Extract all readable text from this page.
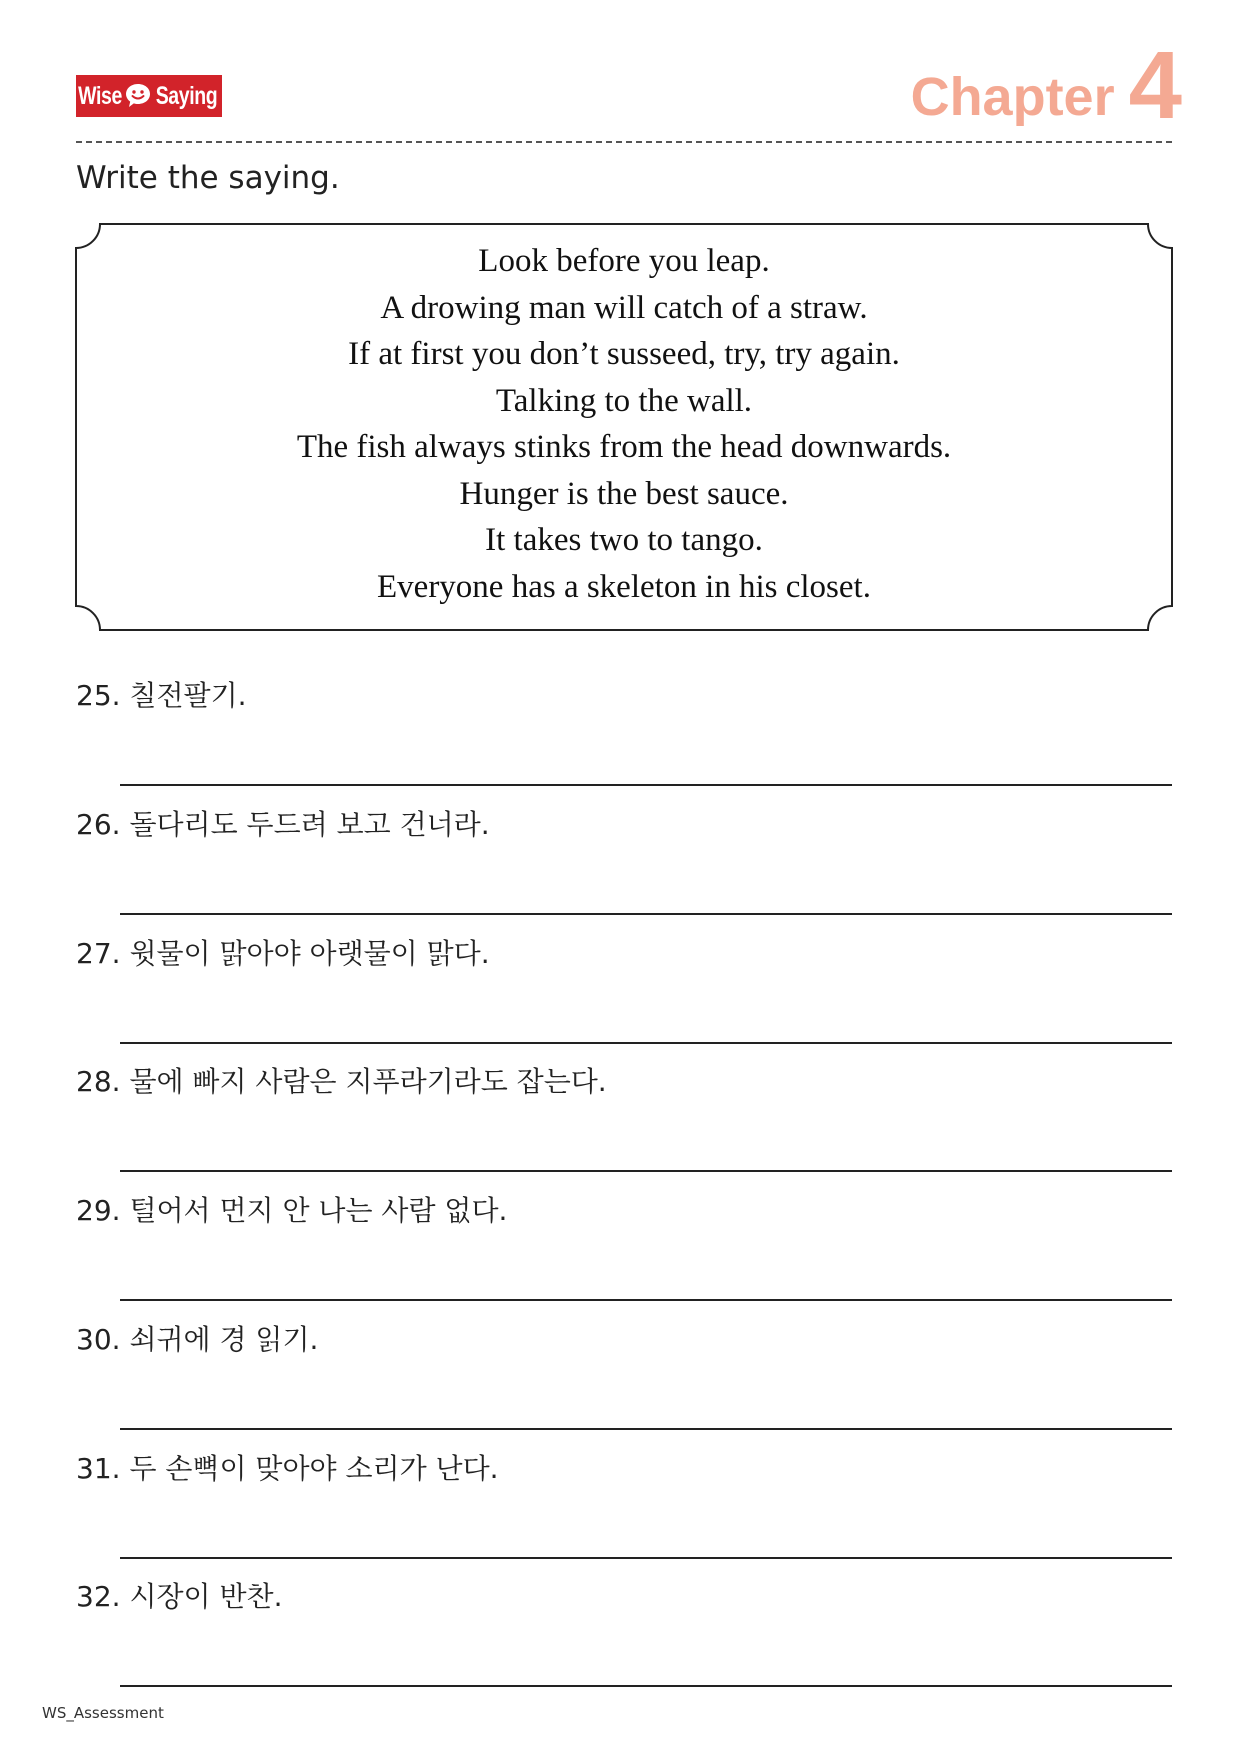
Wise Saying	Chapter 4
Write the saying.
Look before you leap.
A drowing man will catch of a straw.
If at first you don’t susseed, try, try again.
Talking to the wall.
The fish always stinks from the head downwards.
Hunger is the best sauce.
It takes two to tango.
Everyone has a skeleton in his closet.
25. 칠전팔기.
26. 돌다리도 두드려 보고 건너라.
27. 윗물이 맑아야 아랫물이 맑다.
28. 물에 빠지 사람은 지푸라기라도 잡는다.
29. 털어서 먼지 안 나는 사람 없다.
30. 쇠귀에 경 읽기.
31. 두 손뼉이 맞아야 소리가 난다.
32. 시장이 반찬.
WS_Assessment
